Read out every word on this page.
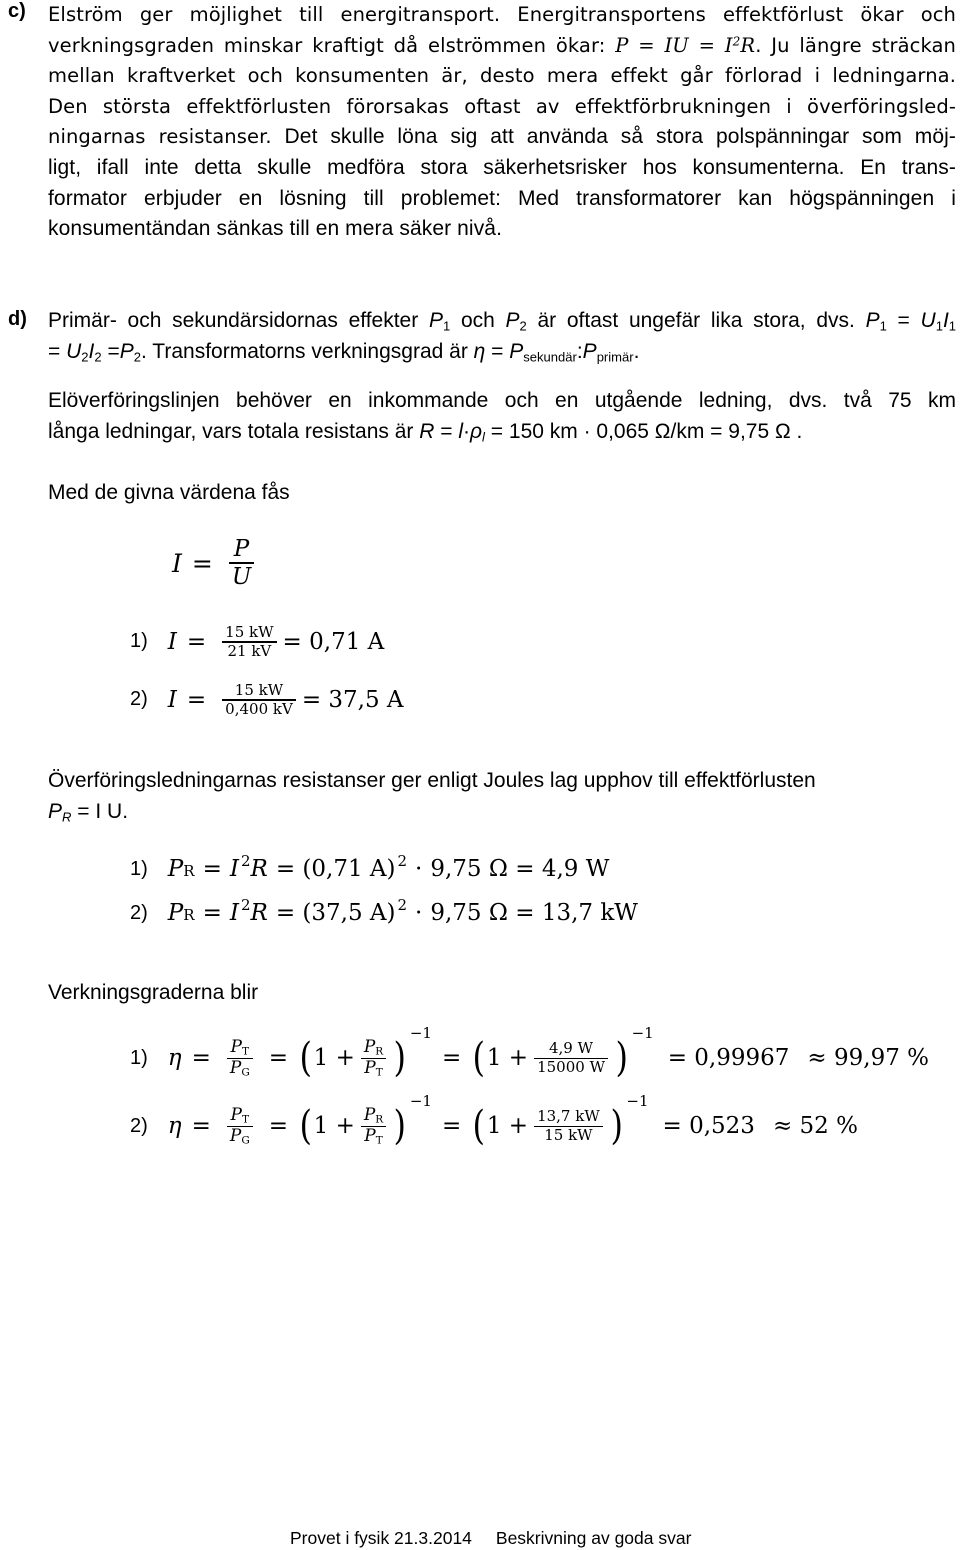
c) Elström ger möjlighet till energitransport. Energitransportens effektförlust ökar och
verkningsgraden minskar kraftigt då elströmmen ökar: P = IU = $I^2R$. Ju längre sträckan
mellan kraftverket och konsumenten är, desto mera effekt går förlorad i ledningarna.
Den största effektförlusten förorsakas oftast av effektförbrukningen i överföringsled-
ningarnas resistanser. Det skulle löna sig att använda så stora polspänningar som möj-
ligt, ifall inte detta skulle medföra stora säkerhetsrisker hos konsumenterna. En trans-
formator erbjuder en lösning till problemet: Med transformatorer kan högspänningen i
konsumentändan sänkas till en mera säker nivå.
d) Primär- och sekundärsidornas effekter $P_1$ och $P_2$ är oftast ungefär lika stora, dvs. $P_1 = U_1I_1$
= $U_2I_2 =P_2$. Transformatorns verkningsgrad är $\eta = P_{sekundär}:P_{primär}$.
Elöverföringslinjen behöver en inkommande och en utgående ledning, dvs. två 75 km
långa ledningar, vars totala resistans är $R = l\cdot\rho_l = 150$ km · 0,065 Ω/km = 9,75 Ω .
Med de givna värdena fås
$I = \frac{P}{U}$
1) $I = \frac{15 kW}{21 kV} = 0,71$ A
2) $I = \frac{15 kW}{0,400 kV} = 37,5$ A
Överföringsledningarnas resistanser ger enligt Joules lag upphov till effektförlusten
$P_R = I$ U.
1) P R = I 2 R = (0,71 A) 2 · 9,75 Ω = 4,9 W
2) P R = I 2 R = (37,5 A) 2 · 9,75 Ω = 13,7 kW
Verkningsgraderna blir
1) $\eta = \frac{P_T}{P_G}$ = ( $1 + \frac{P_R}{P_T}$ )
−1
= ( $1 + \frac{4,9 W}{15000 W}$ )
−1
= 0,99967 ≈ 99,97 %
2) $\eta = \frac{P_T}{P_G}$ = ( $1 + \frac{P_R}{P_T}$ )
−1
= ( $1 + \frac{13,7 kW}{15 kW}$ )
−1
= 0,523 ≈ 52 %
Provet i fysik 21.3.2014 Beskrivning av goda svar
